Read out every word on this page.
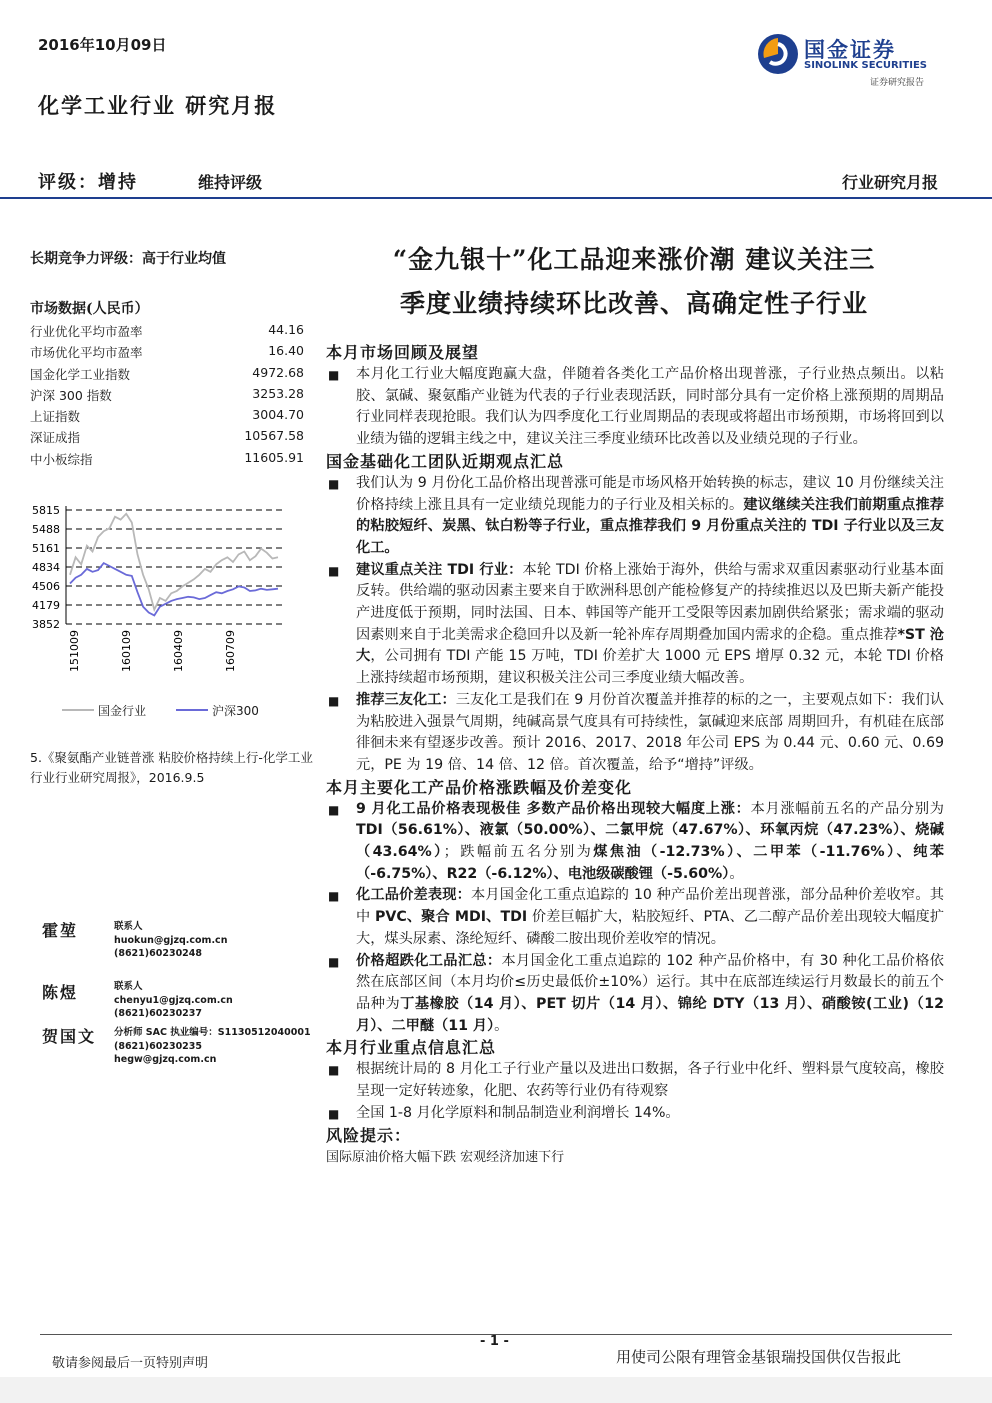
2016年10月09日	国金证券
SINOLINK SECURITIES
证券研究报告
化学工业行业 研究月报
评级：增持	维持评级	行业研究月报
长期竞争力评级：高于行业均值
市场数据(人民币）
行业优化平均市盈率	44.16
市场优化平均市盈率	16.40
国金化学工业指数	4972.68
沪深 300 指数	3253.28
上证指数	3004.70
深证成指	10567.58
中小板综指	11605.91
5815
5488
5161
4834
4506
4179
3852
151009	160109	160409	160709
国金行业	沪深300
5.《聚氨酯产业链普涨 粘胶价格持续上行-化学工业行业行业研究周报》，2016.9.5
霍堃	联系人
huokun@gjzq.com.cn
(8621)60230248
陈煜	联系人
chenyu1@gjzq.com.cn
(8621)60230237
贺国文 分析师 SAC 执业编号：S1130512040001
(8621)60230235
hegw@gjzq.com.cn
“金九银十”化工品迎来涨价潮 建议关注三
季度业绩持续环比改善、高确定性子行业
本月市场回顾及展望

■ 本月化工行业大幅度跑赢大盘，伴随着各类化工产品价格出现普涨，子行业热点频出。以粘胶、氯碱、聚氨酯产业链为代表的子行业表现活跃，同时部分具有一定价格上涨预期的周期品行业同样表现抢眼。我们认为四季度化工行业周期品的表现或将超出市场预期，市场将回到以业绩为锚的逻辑主线之中，建议关注三季度业绩环比改善以及业绩兑现的子行业。

国金基础化工团队近期观点汇总

■ 我们认为 9 月份化工品价格出现普涨可能是市场风格开始转换的标志，建议 10 月份继续关注价格持续上涨且具有一定业绩兑现能力的子行业及相关标的。建议继续关注我们前期重点推荐的粘胶短纤、炭黑、钛白粉等子行业，重点推荐我们 9 月份重点关注的 TDI 子行业以及三友化工。

■ 建议重点关注 TDI 行业：本轮 TDI 价格上涨始于海外，供给与需求双重因素驱动行业基本面反转。供给端的驱动因素主要来自于欧洲科思创产能检修复产的持续推迟以及巴斯夫新产能投产进度低于预期，同时法国、日本、韩国等产能开工受限等因素加剧供给紧张；需求端的驱动因素则来自于北美需求企稳回升以及新一轮补库存周期叠加国内需求的企稳。重点推荐*ST 沧大，公司拥有 TDI 产能 15 万吨，TDI 价差扩大 1000 元 EPS 增厚 0.32 元，本轮 TDI 价格上涨持续超市场预期，建议积极关注公司三季度业绩大幅改善。

■ 推荐三友化工：三友化工是我们在 9 月份首次覆盖并推荐的标的之一，主要观点如下：我们认为粘胶进入强景气周期，纯碱高景气度具有可持续性，氯碱迎来底部 周期回升，有机硅在底部徘徊未来有望逐步改善。预计 2016、2017、2018 年公司 EPS 为 0.44 元、0.60 元、0.69 元，PE 为 19 倍、14 倍、12 倍。首次覆盖，给予“增持”评级。

本月主要化工产品价格涨跌幅及价差变化

■ 9 月化工品价格表现极佳 多数产品价格出现较大幅度上涨：本月涨幅前五名的产品分别为 TDI（56.61%）、液氯（50.00%）、二氯甲烷（47.67%）、环氧丙烷（47.23%）、烧碱（43.64%）；跌幅前五名分别为煤焦油（-12.73%）、二甲苯（-11.76%）、纯苯（-6.75%）、R22（-6.12%）、电池级碳酸锂（-5.60%）。

■ 化工品价差表现：本月国金化工重点追踪的 10 种产品价差出现普涨，部分品种价差收窄。其中 PVC、聚合 MDI、TDI 价差巨幅扩大，粘胶短纤、PTA、乙二醇产品价差出现较大幅度扩大，煤头尿素、涤纶短纤、磷酸二胺出现价差收窄的情况。

■ 价格超跌化工品汇总：本月国金化工重点追踪的 102 种产品价格中，有 30 种化工品价格依然在底部区间（本月均价≤历史最低价±10%）运行。其中在底部连续运行月数最长的前五个品种为丁基橡胶（14 月）、PET 切片（14 月）、锦纶 DTY（13 月）、硝酸铵(工业)（12 月）、二甲醚（11 月）。

本月行业重点信息汇总

■ 根据统计局的 8 月化工子行业产量以及进出口数据，各子行业中化纤、塑料景气度较高，橡胶呈现一定好转迹象，化肥、农药等行业仍有待观察

■ 全国 1-8 月化学原料和制品制造业利润增长 14%。

风险提示：

国际原油价格大幅下跌 宏观经济加速下行

- 1 -
敬请参阅最后一页特别声明	用使司公限有理管金基银瑞投国供仅告报此
